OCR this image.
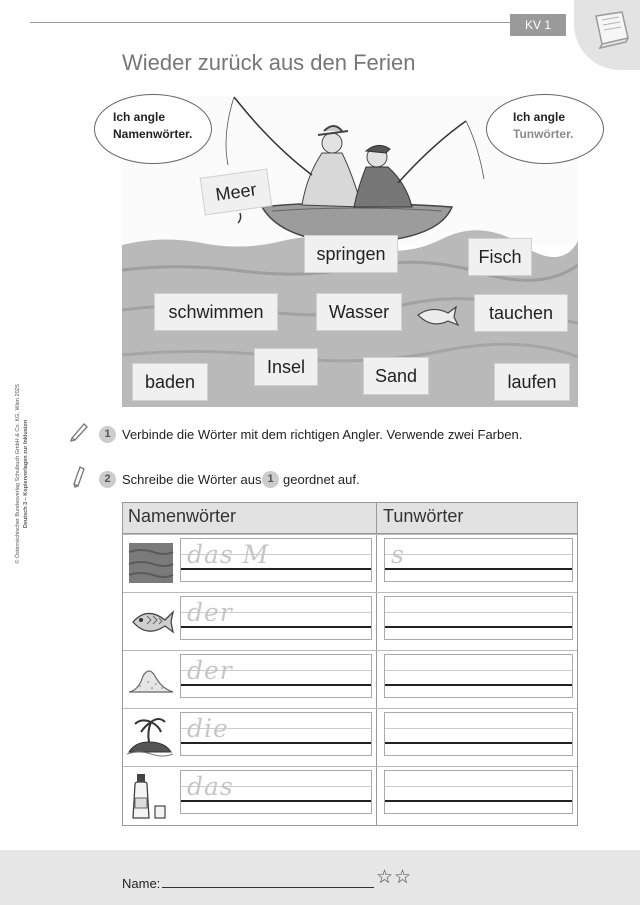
KV 1
Wieder zurück aus den Ferien
Meer
springen	Fisch
schwimmen	Wasser	tauchen
Insel	Sand
baden	laufen
Ich angle
Namenwörter.
Ich angle
Tunwörter.
© Österreichischer Bundesverlag Schulbuch GmbH & Co. KG, Wien 2025 Deutsch 3 – Kopiervorlagen zur Inklusion	1 Verbinde die Wörter mit dem richtigen Angler. Verwende zwei Farben.
2 Schreibe die Wörter aus 1 geordnet auf.
Namenwörter	Tunwörter
das M	s
der
der
die
das
Name:	☆☆
